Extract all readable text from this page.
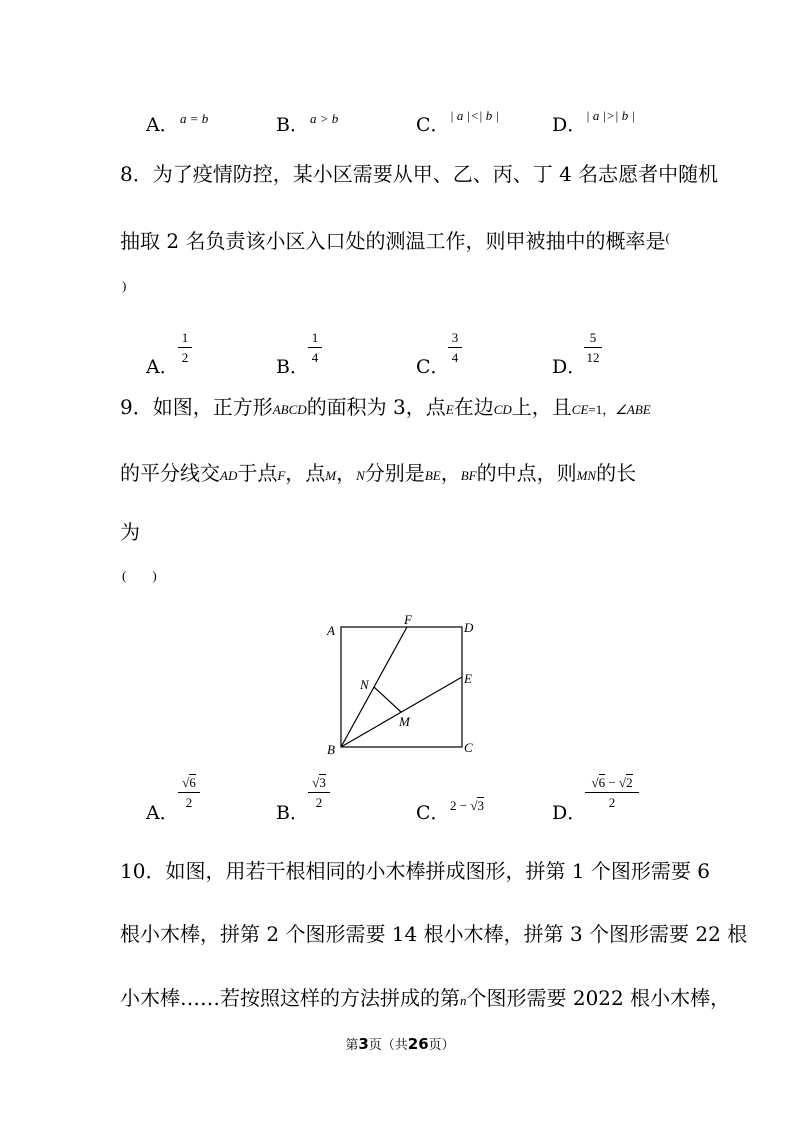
A． a = b	B． a > b	C． | a |<| b |	D． | a |>| b |
8．为了疫情防控，某小区需要从甲、乙、丙、丁 4 名志愿者中随机
抽取 2 名负责该小区入口处的测温工作，则甲被抽中的概率是(
)
A．
1
2	B．
1
4	C．
3
4	D．
5
12
9．如图，正方形ABCD的面积为 3，点E在边CD上，且CE=1，∠ABE
的平分线交AD于点F，点M，N分别是BE，BF的中点，则MN的长
为
(　　)
A
F
D
E
N
M
B	C
A．
√6
2	B．
√3
2	C． 2 − √3	D．
√6 − √2
2
10．如图，用若干根相同的小木棒拼成图形，拼第 1 个图形需要 6
根小木棒，拼第 2 个图形需要 14 根小木棒，拼第 3 个图形需要 22 根
小木棒……若按照这样的方法拼成的第n个图形需要 2022 根小木棒，
第3页（共26页）
